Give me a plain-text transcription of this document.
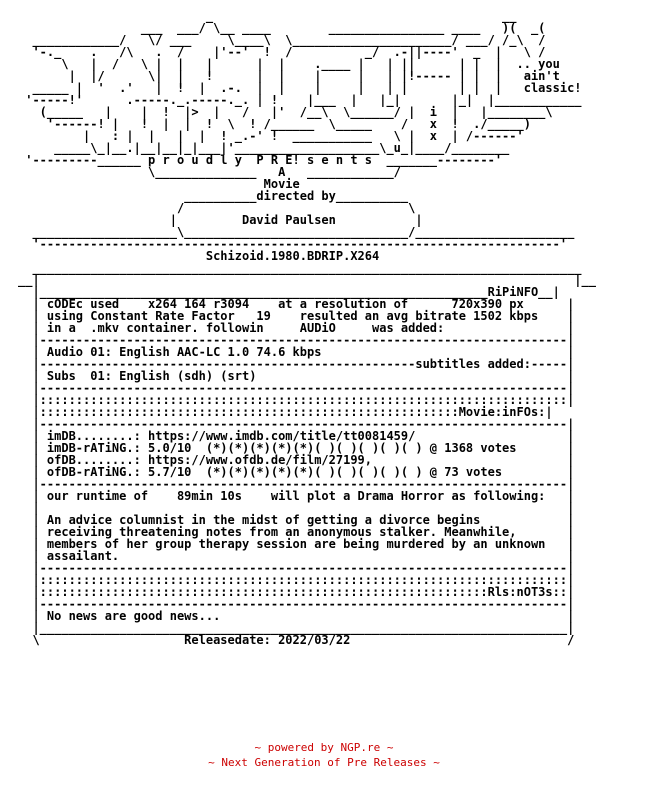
_                                        __
___  ___/ \__ ____        ________________ ____   )(  _(
____________/   \/ ___     \____\  \______________________/ ___/ /_\  /
'-._    .   /\   .  /    |'--'  !  /          _/  .-||----'  _  |   \ /
\   |  /   \ |  |   |      |  |    .____ |   | ||      | |  |  .. you
|  |/      \|  |   !      |  |    |     |   | |!----- | |  |   ain't
_____ |  '  .'   |  !  |  .-.  |  |    |     |   | |       | |  |   classic!
'-----!'      .-----._.-----._. | !    |___  |   |_|       |_|  |____________
(_____   |    |  !  |>  |   /   |'  /__\  \______/ |  i  |   |________\
'------! |   !  |  |  !  \  ! /______  \_____    /   x  !  ./_____)
|   : |  |   |  |  ! _.-' !  ___________   \ |  x  | /------'
_____\_|__.|__|__|_|___|'____________________\_u_|____/________
'---------______ p r o u d l y  P R E! s e n t s  _______--------'
\______________   A   ____________/
Movie
__________directed by__________
/                               \
|         David Paulsen           |
____________________\_______________________________/______________________
'------------------------------------------------------------------------'
Schizoid.1980.BDRIP.X264
____________________________________________________________________________
__|                                                                          |__
|______________________________________________________________RiPiNFO__|
| cODEc used    x264 164 r3094    at a resolution of      720x390 px      |
| using Constant Rate Factor   19    resulted an avg bitrate 1502 kbps    |
| in a  .mkv container. followin     AUDiO     was added:                 |
|-------------------------------------------------------------------------|
| Audio 01: English AAC-LC 1.0 74.6 kbps                                  |
|----------------------------------------------------subtitles added:-----|
| Subs  01: English (sdh) (srt)                                           |
|-------------------------------------------------------------------------|
|:::::::::::::::::::::::::::::::::::::::::::::::::::::::::::::::::::::::::|
|::::::::::::::::::::::::::::::::::::::::::::::::::::::::::Movie:inFOs:|
|-------------------------------------------------------------------------|
| imDB........: https://www.imdb.com/title/tt0081459/                     |
| imDB-rATiNG.: 5.0/10  (*)(*)(*)(*)(*)( )( )( )( )( ) @ 1368 votes       |
| ofDB........: https://www.ofdb.de/film/27199,                           |
| ofDB-rATiNG.: 5.7/10  (*)(*)(*)(*)(*)( )( )( )( )( ) @ 73 votes         |
|-------------------------------------------------------------------------|
| our runtime of    89min 10s    will plot a Drama Horror as following:   |
|                                                                         |
| An advice columnist in the midst of getting a divorce begins            |
| receiving threatening notes from an anonymous stalker. Meanwhile,       |
| members of her group therapy session are being murdered by an unknown   |
| assailant.                                                              |
|-------------------------------------------------------------------------|
|:::::::::::::::::::::::::::::::::::::::::::::::::::::::::::::::::::::::::|
|::::::::::::::::::::::::::::::::::::::::::::::::::::::::::::::Rls:nOT3s::|
|-------------------------------------------------------------------------|
| No news are good news...                                                |
|_________________________________________________________________________|
\                    Releasedate: 2022/03/22                              /
~ powered by NGP.re ~
~ Next Generation of Pre Releases ~
